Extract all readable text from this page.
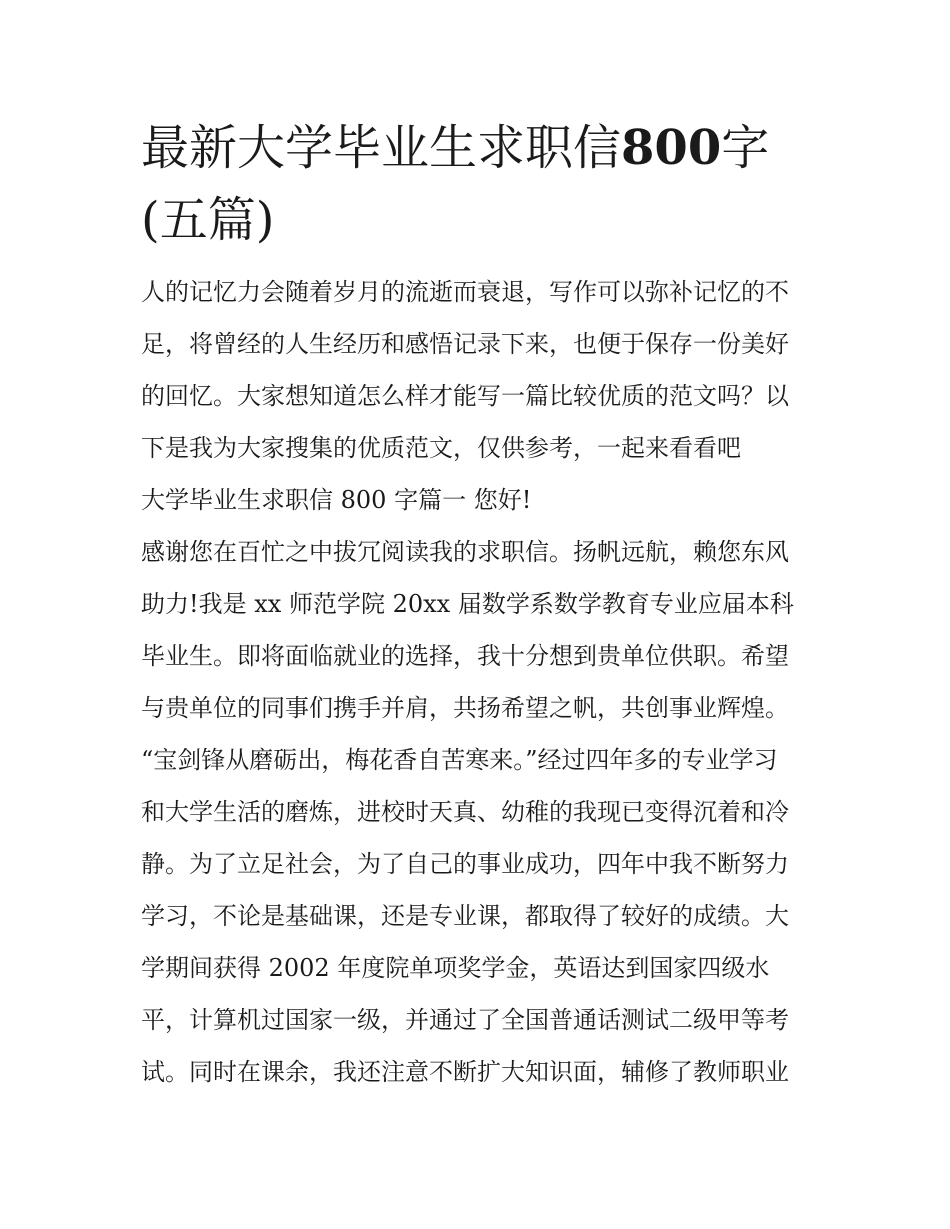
最新大学毕业生求职信800字
(五篇)
人的记忆力会随着岁月的流逝而衰退，写作可以弥补记忆的不
足，将曾经的人生经历和感悟记录下来，也便于保存一份美好
的回忆。大家想知道怎么样才能写一篇比较优质的范文吗？以
下是我为大家搜集的优质范文，仅供参考，一起来看看吧
大学毕业生求职信 800 字篇一 您好!
感谢您在百忙之中拔冗阅读我的求职信。扬帆远航，赖您东风
助力!我是 xx 师范学院 20xx 届数学系数学教育专业应届本科
毕业生。即将面临就业的选择，我十分想到贵单位供职。希望
与贵单位的同事们携手并肩，共扬希望之帆，共创事业辉煌。
“宝剑锋从磨砺出，梅花香自苦寒来。”经过四年多的专业学习
和大学生活的磨炼，进校时天真、幼稚的我现已变得沉着和冷
静。为了立足社会，为了自己的事业成功，四年中我不断努力
学习，不论是基础课，还是专业课，都取得了较好的成绩。大
学期间获得 2002 年度院单项奖学金，英语达到国家四级水
平，计算机过国家一级，并通过了全国普通话测试二级甲等考
试。同时在课余，我还注意不断扩大知识面，辅修了教师职业
